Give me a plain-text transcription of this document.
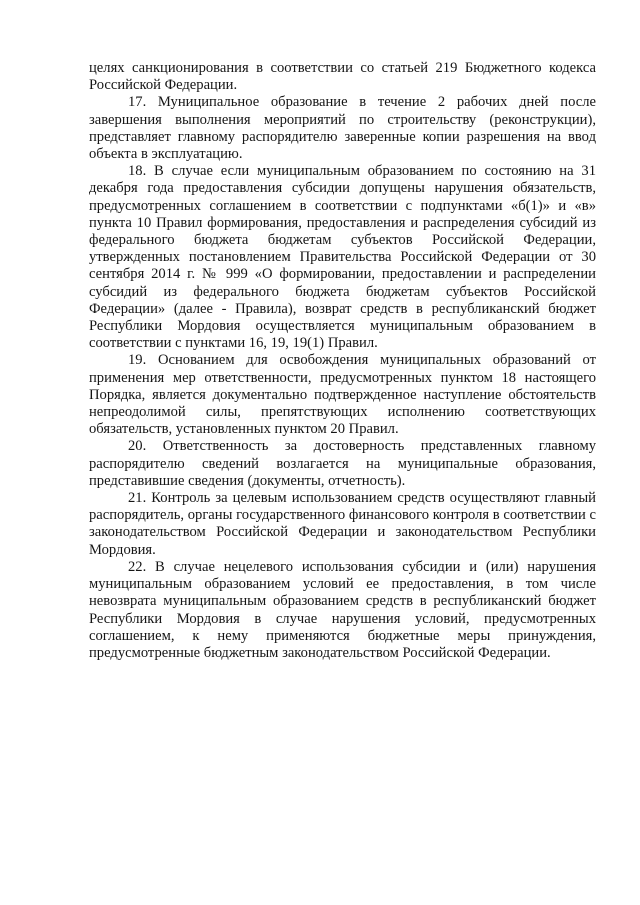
целях санкционирования в соответствии со статьей 219 Бюджетного кодекса Российской Федерации.

17. Муниципальное образование в течение 2 рабочих дней после завершения выполнения мероприятий по строительству (реконструкции), представляет главному распорядителю заверенные копии разрешения на ввод объекта в эксплуатацию.

18. В случае если муниципальным образованием по состоянию на 31 декабря года предоставления субсидии допущены нарушения обязательств, предусмотренных соглашением в соответствии с подпунктами «б(1)» и «в» пункта 10 Правил формирования, предоставления и распределения субсидий из федерального бюджета бюджетам субъектов Российской Федерации, утвержденных постановлением Правительства Российской Федерации от 30 сентября 2014 г. № 999 «О формировании, предоставлении и распределении субсидий из федерального бюджета бюджетам субъектов Российской Федерации» (далее - Правила), возврат средств в республиканский бюджет Республики Мордовия осуществляется муниципальным образованием в соответствии с пунктами 16, 19, 19(1) Правил.

19. Основанием для освобождения муниципальных образований от применения мер ответственности, предусмотренных пунктом 18 настоящего Порядка, является документально подтвержденное наступление обстоятельств непреодолимой силы, препятствующих исполнению соответствующих обязательств, установленных пунктом 20 Правил.

20. Ответственность за достоверность представленных главному распорядителю сведений возлагается на муниципальные образования, представившие сведения (документы, отчетность).

21. Контроль за целевым использованием средств осуществляют главный распорядитель, органы государственного финансового контроля в соответствии с законодательством Российской Федерации и законодательством Республики Мордовия.

22. В случае нецелевого использования субсидии и (или) нарушения муниципальным образованием условий ее предоставления, в том числе невозврата муниципальным образованием средств в республиканский бюджет Республики Мордовия в случае нарушения условий, предусмотренных соглашением, к нему применяются бюджетные меры принуждения, предусмотренные бюджетным законодательством Российской Федерации.
